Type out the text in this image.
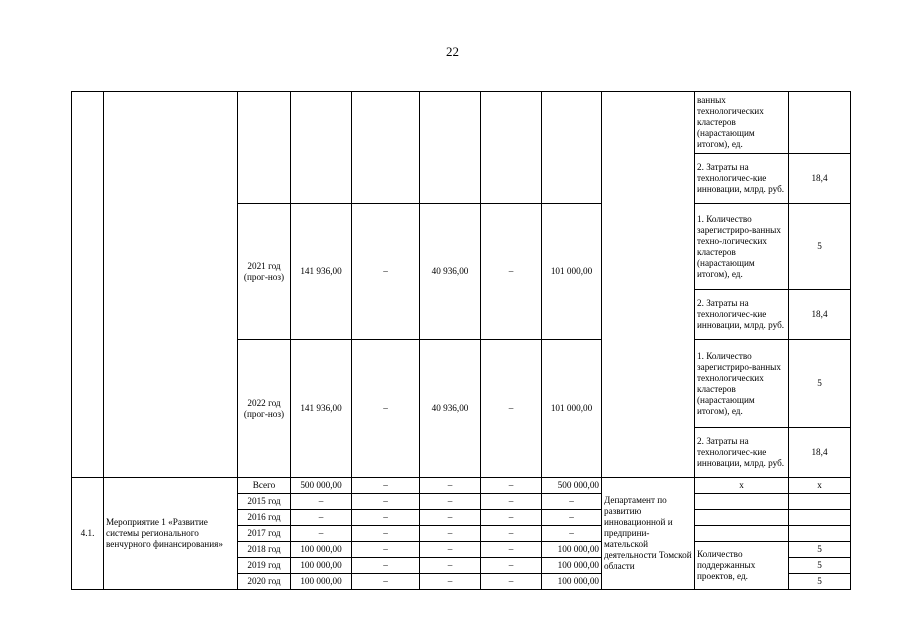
22
									ванных технологических кластеров (нарастающим итогом), ед.	
									2. Затраты на технологичес-кие инновации, млрд. руб.	18,4
		2021 год (прог-ноз)	141 936,00	–	40 936,00	–	101 000,00		1. Количество зарегистриро-ванных техно-логических кластеров (нарастающим итогом), ед.	5
									2. Затраты на технологичес-кие инновации, млрд. руб.	18,4
		2022 год (прог-ноз)	141 936,00	–	40 936,00	–	101 000,00		1. Количество зарегистриро-ванных технологических кластеров (нарастающим итогом), ед.	5
									2. Затраты на технологичес-кие инновации, млрд. руб.	18,4
4.1.	Мероприятие 1 «Развитие системы регионального венчурного финансирования»	Всего	500 000,00	–	–	–	500 000,00	Департамент по развитию инновационной и предприни-мательской деятельности Томской области	x	x
		2015 год	–	–	–	–	–			
		2016 год	–	–	–	–	–			
		2017 год	–	–	–	–	–			
		2018 год	100 000,00	–	–	–	100 000,00		Количество поддержанных проектов, ед.	5
		2019 год	100 000,00	–	–	–	100 000,00			5
		2020 год	100 000,00	–	–	–	100 000,00			5
